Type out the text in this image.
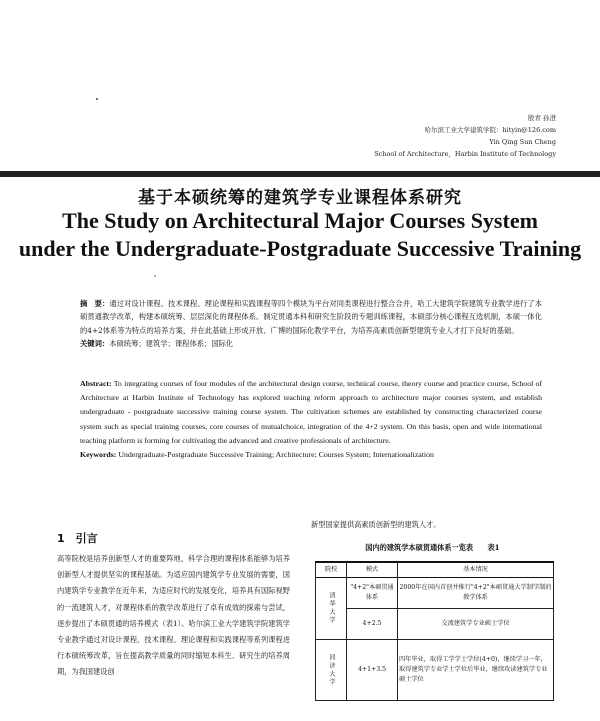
殷青 孙澄
哈尔滨工业大学建筑学院：hityin@126.com
Yin Qing Sun Cheng
School of Architecture，Harbin Institute of Technology
基于本硕统筹的建筑学专业课程体系研究
The Study on Architectural Major Courses System
under the Undergraduate-Postgraduate Successive Training
摘　要：通过对设计课程、技术课程、理论课程和实践课程等四个模块为平台对同类课程进行整合合并，哈工大建筑学院建筑专业教学进行了本硕贯通教学改革，构建本硕统筹、层层深化的课程体系。制定贯通本科和研究生阶段的专题训练课程，本硕部分核心课程互选机制，本硕一体化的4+2体系等为特点的培养方案，并在此基础上形成开放、广博的国际化教学平台，为培养高素质创新型建筑专业人才打下良好的基础。
关键词：本硕统筹；建筑学；课程体系；国际化
Abstract: To integrating courses of four modules of the architectural design course, technical course, theory course and practice course, School of Architecture at Harbin Institute of Technology has explored teaching reform approach to architecture major courses system, and establish undergraduate - postgraduate successive training course system. The cultivation schemes are established by constructing characterized course system such as special training courses, core courses of mutualchoice, integration of the 4+2 system. On this basis, open and wide international teaching platform is forming for cultivating the advanced and creative professionals of architecture.
Keywords: Undergraduate-Postgraduate Successive Training; Architecture; Courses System; Internationalization
1　引言
高等院校是培养创新型人才的重要阵地，科学合理的课程体系能够为培养创新型人才提供坚实的课程基础。为适应国内建筑学专业发展的需要，国内建筑学专业教学在近年来，为适应时代的发展变化，培养具有国际视野的一流建筑人才，对课程体系的教学改革进行了卓有成效的探索与尝试，逐步提出了本硕贯通的培养模式（表1）。哈尔滨工业大学建筑学院建筑学专业教学通过对设计课程、技术课程、理论课程和实践课程等系列课程进行本硕统筹改革，旨在提高教学质量的同时缩短本科生、研究生的培养周期，为我国建设创
新型国家提供高素质创新型的建筑人才。
国内的建筑学本硕贯通体系一览表　　表1
院校	模式	基本情况

清华大学	"4+2"本硕贯通体系	2000年在国内首创并推行"4+2"本硕贯通大学制学制的教学体系
	4+2.5	交流建筑学专业硕士学位

同济大学	4+1+3.5	四年毕业，取得工学学士学位(4+0)，继续学习一年，取得建筑学专业学士学位后毕业，继续攻读建筑学专业硕士学位
